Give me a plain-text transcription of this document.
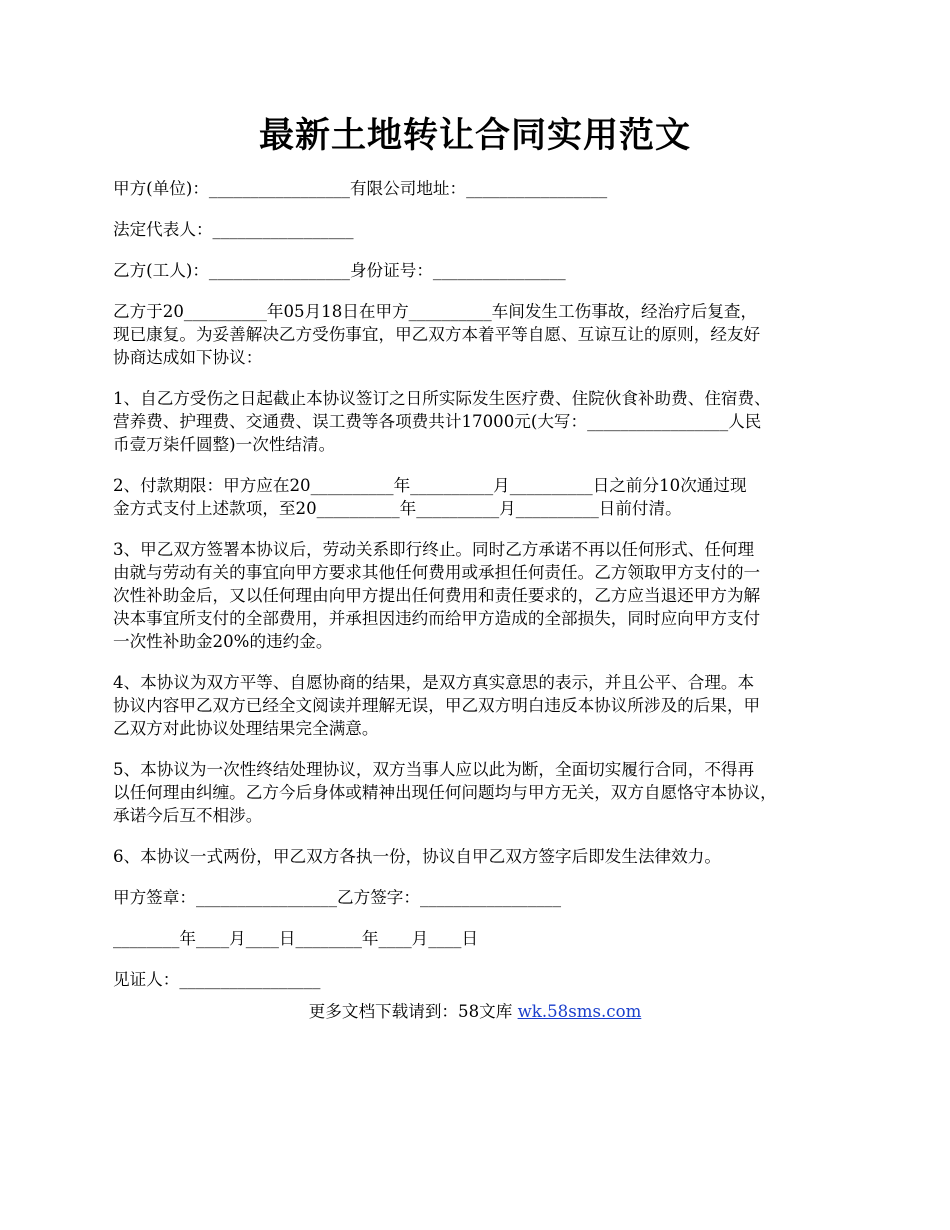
最新土地转让合同实用范文

甲方(单位)：_________________有限公司地址：_________________

法定代表人：_________________

乙方(工人)：_________________身份证号：________________

乙方于20__________年05月18日在甲方__________车间发生工伤事故，经治疗后复查，
现已康复。为妥善解决乙方受伤事宜，甲乙双方本着平等自愿、互谅互让的原则，经友好
协商达成如下协议：

1、自乙方受伤之日起截止本协议签订之日所实际发生医疗费、住院伙食补助费、住宿费、
营养费、护理费、交通费、误工费等各项费共计17000元(大写：_________________人民
币壹万柒仟圆整)一次性结清。

2、付款期限：甲方应在20__________年__________月__________日之前分10次通过现
金方式支付上述款项，至20__________年__________月__________日前付清。

3、甲乙双方签署本协议后，劳动关系即行终止。同时乙方承诺不再以任何形式、任何理
由就与劳动有关的事宜向甲方要求其他任何费用或承担任何责任。乙方领取甲方支付的一
次性补助金后，又以任何理由向甲方提出任何费用和责任要求的，乙方应当退还甲方为解
决本事宜所支付的全部费用，并承担因违约而给甲方造成的全部损失，同时应向甲方支付
一次性补助金20%的违约金。

4、本协议为双方平等、自愿协商的结果，是双方真实意思的表示，并且公平、合理。本
协议内容甲乙双方已经全文阅读并理解无误，甲乙双方明白违反本协议所涉及的后果，甲
乙双方对此协议处理结果完全满意。

5、本协议为一次性终结处理协议，双方当事人应以此为断，全面切实履行合同，不得再
以任何理由纠缠。乙方今后身体或精神出现任何问题均与甲方无关，双方自愿恪守本协议，
承诺今后互不相涉。

6、本协议一式两份，甲乙双方各执一份，协议自甲乙双方签字后即发生法律效力。

甲方签章：_________________乙方签字：_________________

________年____月____日________年____月____日

见证人：_________________

更多文档下载请到：58文库 wk.58sms.com
